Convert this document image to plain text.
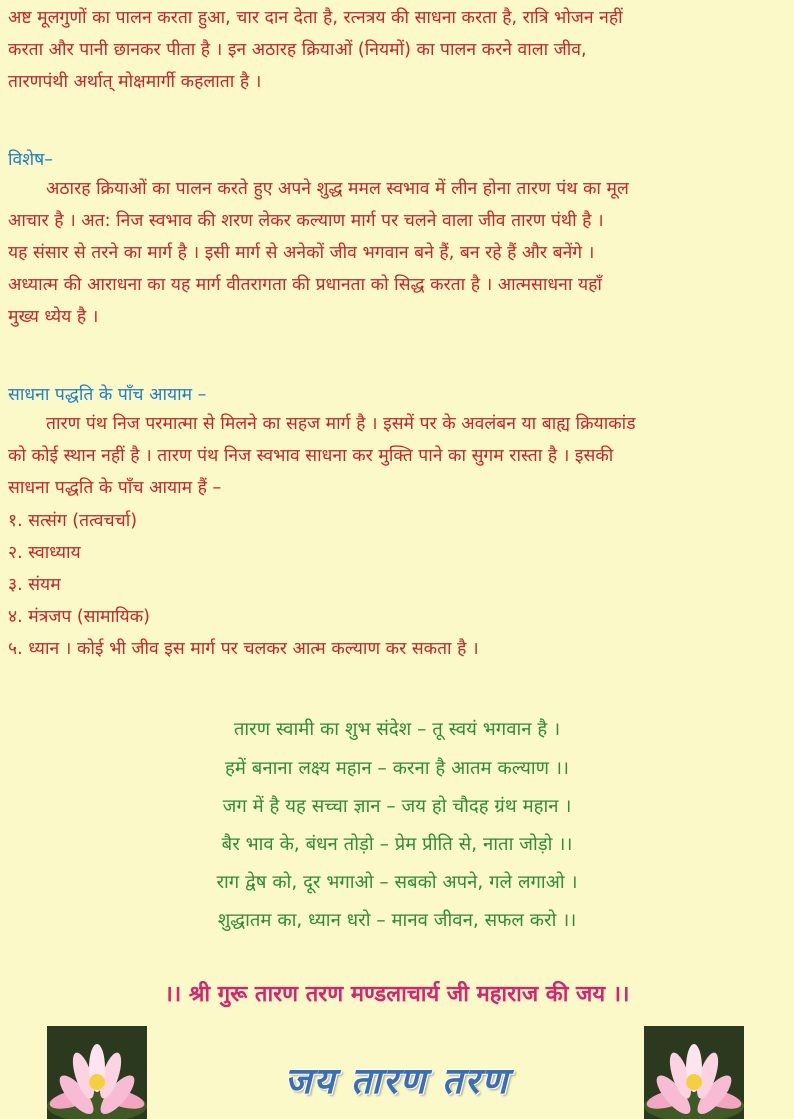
अष्ट मूलगुणों का पालन करता हुआ, चार दान देता है, रत्नत्रय की साधना करता है, रात्रि भोजन नहीं

करता और पानी छानकर पीता है । इन अठारह क्रियाओं (नियमों) का पालन करने वाला जीव,

तारणपंथी अर्थात् मोक्षमार्गी कहलाता है ।

विशेष–

अठारह क्रियाओं का पालन करते हुए अपने शुद्ध ममल स्वभाव में लीन होना तारण पंथ का मूल

आचार है । अत: निज स्वभाव की शरण लेकर कल्याण मार्ग पर चलने वाला जीव तारण पंथी है ।

यह संसार से तरने का मार्ग है । इसी मार्ग से अनेकों जीव भगवान बने हैं, बन रहे हैं और बनेंगे ।

अध्यात्म की आराधना का यह मार्ग वीतरागता की प्रधानता को सिद्ध करता है । आत्मसाधना यहाँ

मुख्य ध्येय है ।

साधना पद्धति के पाँच आयाम –

तारण पंथ निज परमात्मा से मिलने का सहज मार्ग है । इसमें पर के अवलंबन या बाह्य क्रियाकांड

को कोई स्थान नहीं है । तारण पंथ निज स्वभाव साधना कर मुक्ति पाने का सुगम रास्ता है । इसकी

साधना पद्धति के पाँच आयाम हैं –

१. सत्संग (तत्वचर्चा)

२. स्वाध्याय

३. संयम

४. मंत्रजप (सामायिक)

५. ध्यान । कोई भी जीव इस मार्ग पर चलकर आत्म कल्याण कर सकता है ।

तारण स्वामी का शुभ संदेश – तू स्वयं भगवान है ।

हमें बनाना लक्ष्य महान – करना है आतम कल्याण ।।

जग में है यह सच्चा ज्ञान – जय हो चौदह ग्रंथ महान ।

बैर भाव के, बंधन तोड़ो – प्रेम प्रीति से, नाता जोड़ो ।।

राग द्वेष को, दूर भगाओ – सबको अपने, गले लगाओ ।

शुद्धातम का, ध्यान धरो – मानव जीवन, सफल करो ।।

।। श्री गुरू तारण तरण मण्डलाचार्य जी महाराज की जय ।।

जय तारण तरण
